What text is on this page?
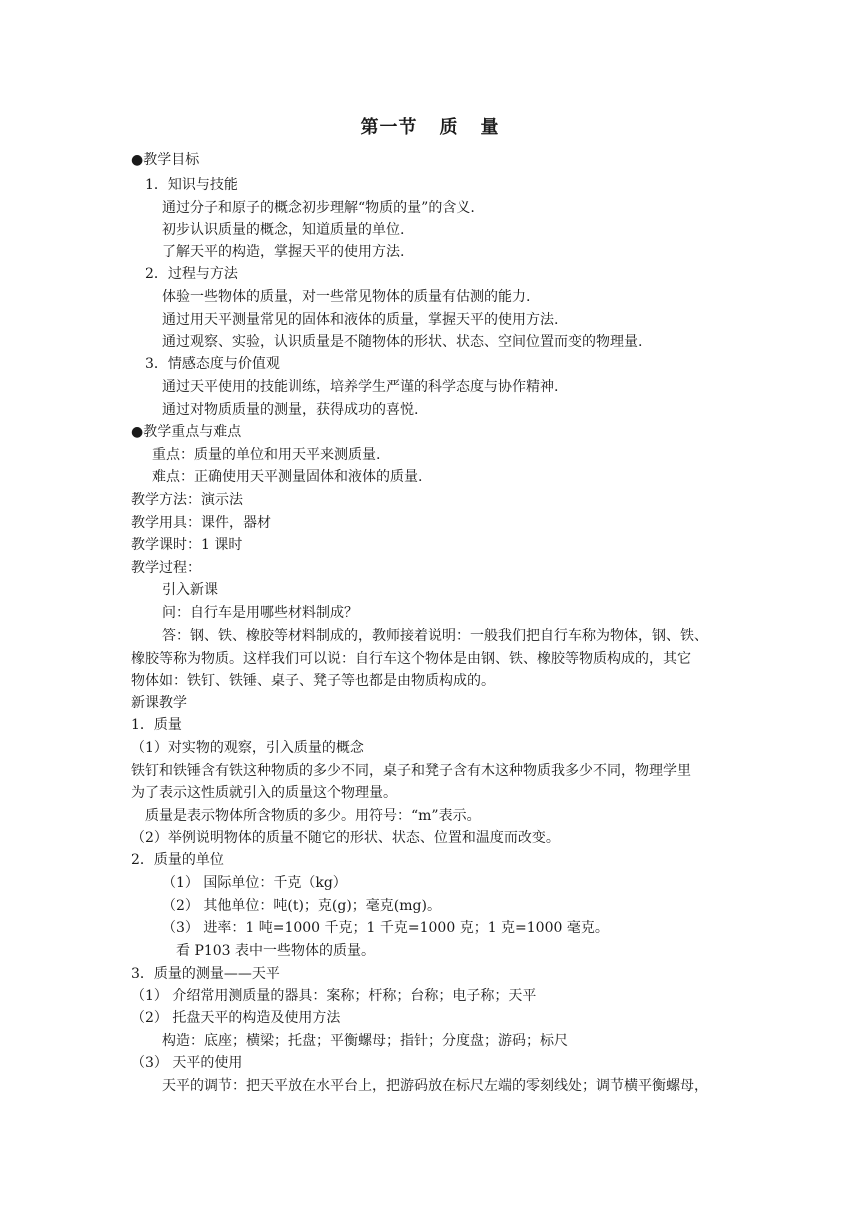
第一节 质 量
●教学目标
1．知识与技能
通过分子和原子的概念初步理解“物质的量”的含义.
初步认识质量的概念，知道质量的单位.
了解天平的构造，掌握天平的使用方法.
2．过程与方法
体验一些物体的质量，对一些常见物体的质量有估测的能力.
通过用天平测量常见的固体和液体的质量，掌握天平的使用方法.
通过观察、实验，认识质量是不随物体的形状、状态、空间位置而变的物理量.
3．情感态度与价值观
通过天平使用的技能训练，培养学生严谨的科学态度与协作精神.
通过对物质质量的测量，获得成功的喜悦.
●教学重点与难点
重点：质量的单位和用天平来测质量.
难点：正确使用天平测量固体和液体的质量.
教学方法：演示法
教学用具：课件，器材
教学课时：1 课时
教学过程：
引入新课
问：自行车是用哪些材料制成？
答：钢、铁、橡胶等材料制成的，教师接着说明：一般我们把自行车称为物体，钢、铁、
橡胶等称为物质。这样我们可以说：自行车这个物体是由钢、铁、橡胶等物质构成的，其它
物体如：铁钉、铁锤、桌子、凳子等也都是由物质构成的。
新课教学
1．质量
（1）对实物的观察，引入质量的概念
铁钉和铁锤含有铁这种物质的多少不同，桌子和凳子含有木这种物质我多少不同，物理学里
为了表示这性质就引入的质量这个物理量。
质量是表示物体所含物质的多少。用符号：“m”表示。
（2）举例说明物体的质量不随它的形状、状态、位置和温度而改变。
2．质量的单位
（1） 国际单位：千克（kg）
（2） 其他单位：吨(t)；克(g)；毫克(mg)。
（3） 进率：1 吨=1000 千克；1 千克=1000 克；1 克=1000 毫克。
看 P103 表中一些物体的质量。
3．质量的测量——天平
（1） 介绍常用测质量的器具：案称；杆称；台称；电子称；天平
（2） 托盘天平的构造及使用方法
构造：底座；横梁；托盘；平衡螺母；指针；分度盘；游码；标尺
（3） 天平的使用
天平的调节：把天平放在水平台上，把游码放在标尺左端的零刻线处；调节横平衡螺母，
